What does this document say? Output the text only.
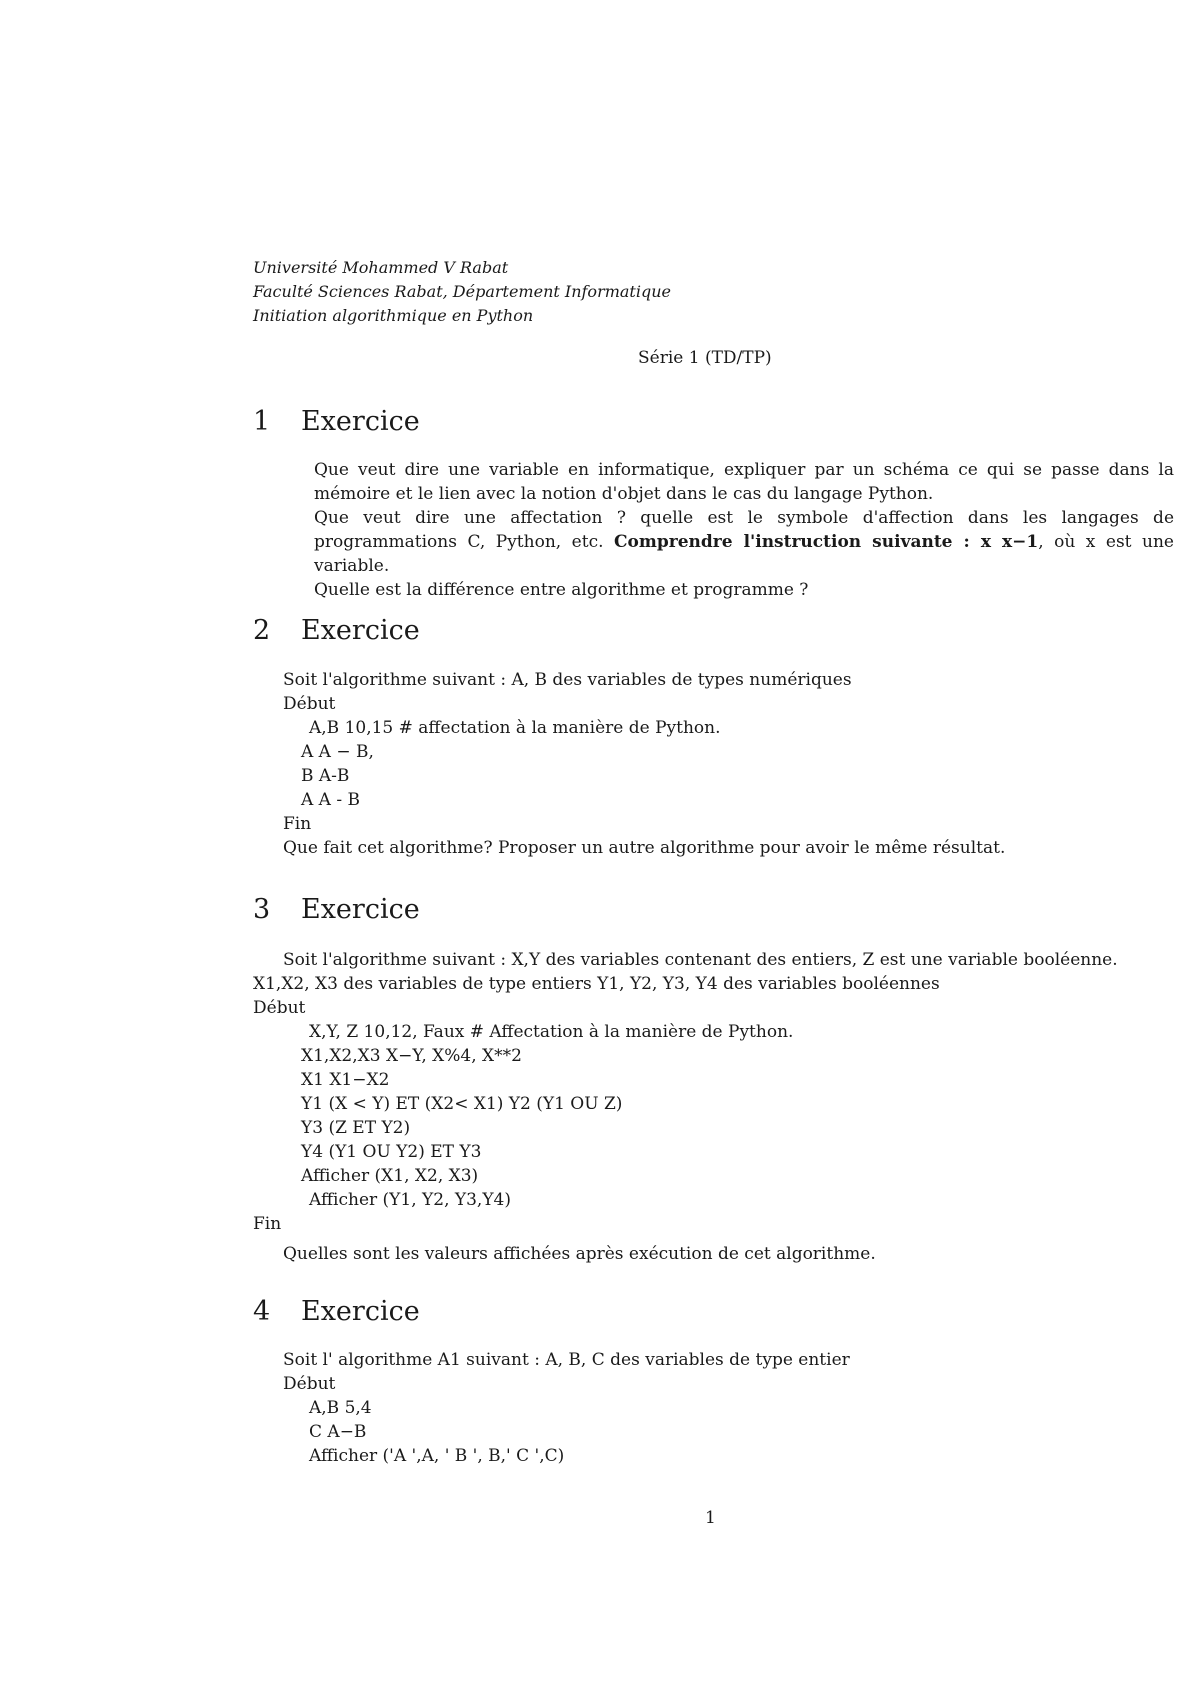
Université Mohammed V Rabat
Faculté Sciences Rabat, Département Informatique
Initiation algorithmique en Python
Série 1 (TD/TP)
1 Exercice

Que veut dire une variable en informatique, expliquer par un schéma ce qui se passe dans la mémoire et le lien avec la notion d'objet dans le cas du langage Python.

Que veut dire une affectation ? quelle est le symbole d'affection dans les langages de programmations C, Python, etc. Comprendre l'instruction suivante : x x−1, où x est une variable.

Quelle est la différence entre algorithme et programme ?

2 Exercice
Soit l'algorithme suivant : A, B des variables de types numériques
Début
A,B 10,15 # affectation à la manière de Python.
A A − B,
B A-B
A A - B
Fin
Que fait cet algorithme? Proposer un autre algorithme pour avoir le même résultat.
3 Exercice
Soit l'algorithme suivant : X,Y des variables contenant des entiers, Z est une variable booléenne.
X1,X2, X3 des variables de type entiers Y1, Y2, Y3, Y4 des variables booléennes
Début
X,Y, Z 10,12, Faux # Affectation à la manière de Python.
X1,X2,X3 X−Y, X%4, X**2
X1 X1−X2
Y1 (X < Y) ET (X2< X1) Y2 (Y1 OU Z)
Y3 (Z ET Y2)
Y4 (Y1 OU Y2) ET Y3
Afficher (X1, X2, X3)
Afficher (Y1, Y2, Y3,Y4)
Fin
Quelles sont les valeurs affichées après exécution de cet algorithme.
4 Exercice
Soit l' algorithme A1 suivant : A, B, C des variables de type entier
Début
A,B 5,4
C A−B
Afficher ('A ',A, ' B ', B,' C ',C)
1
